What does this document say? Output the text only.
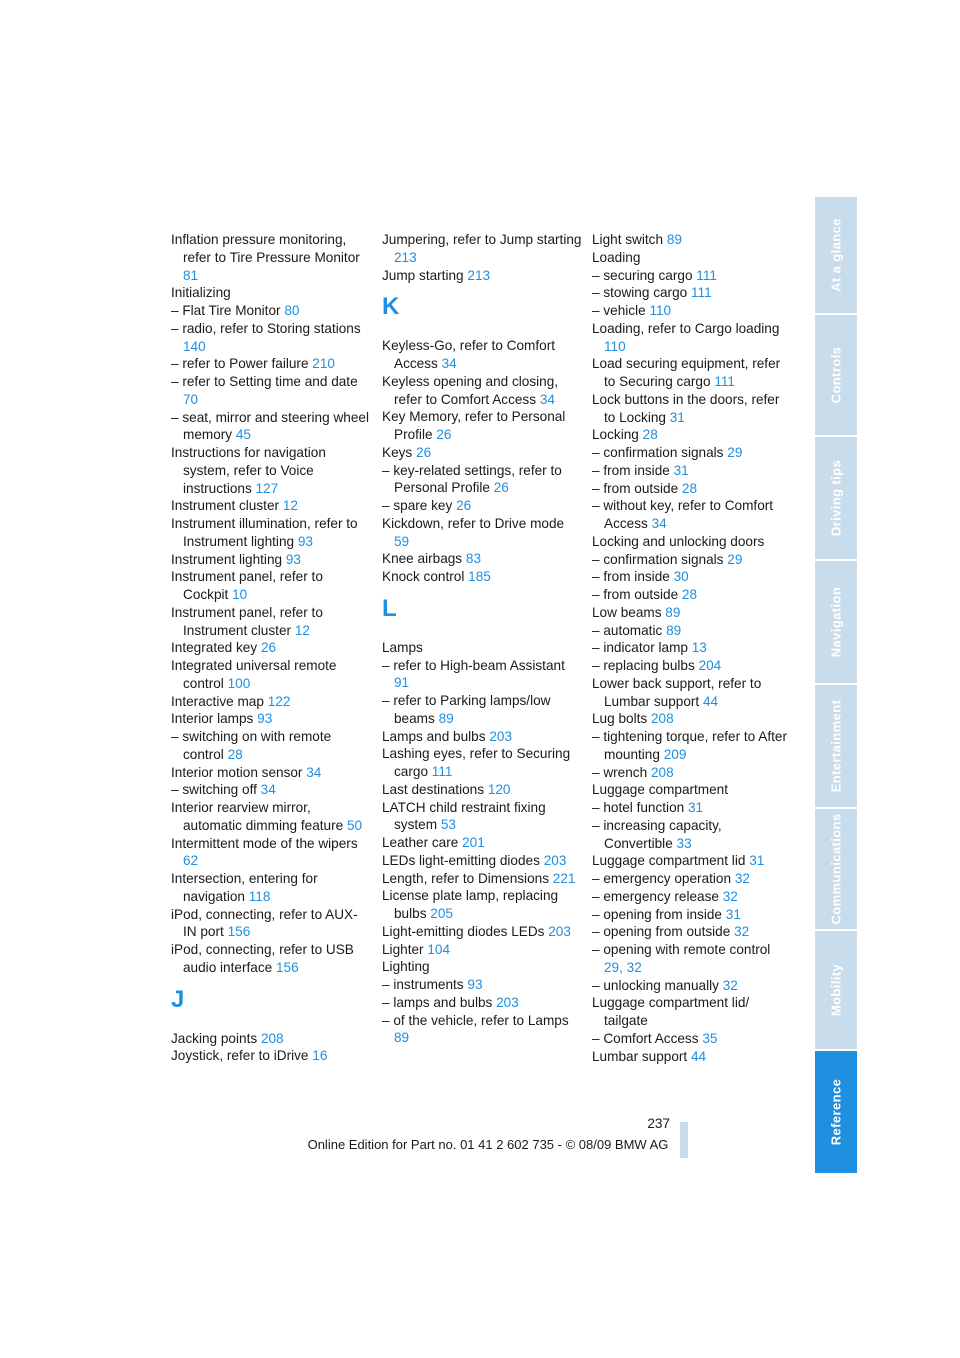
Inflation pressure monitoring, refer to Tire Pressure Monitor 81
Initializing
– Flat Tire Monitor 80
– radio, refer to Storing stations 140
– refer to Power failure 210
– refer to Setting time and date 70
– seat, mirror and steering wheel memory 45
Instructions for navigation system, refer to Voice instructions 127
Instrument cluster 12
Instrument illumination, refer to Instrument lighting 93
Instrument lighting 93
Instrument panel, refer to Cockpit 10
Instrument panel, refer to Instrument cluster 12
Integrated key 26
Integrated universal remote control 100
Interactive map 122
Interior lamps 93
– switching on with remote control 28
Interior motion sensor 34
– switching off 34
Interior rearview mirror, automatic dimming feature 50
Intermittent mode of the wipers 62
Intersection, entering for navigation 118
iPod, connecting, refer to AUX-IN port 156
iPod, connecting, refer to USB audio interface 156
J
Jacking points 208
Joystick, refer to iDrive 16
Jumpering, refer to Jump starting 213
Jump starting 213
K
Keyless-Go, refer to Comfort Access 34
Keyless opening and closing, refer to Comfort Access 34
Key Memory, refer to Personal Profile 26
Keys 26
– key-related settings, refer to Personal Profile 26
– spare key 26
Kickdown, refer to Drive mode 59
Knee airbags 83
Knock control 185
L
Lamps
– refer to High-beam Assistant 91
– refer to Parking lamps/low beams 89
Lamps and bulbs 203
Lashing eyes, refer to Securing cargo 111
Last destinations 120
LATCH child restraint fixing system 53
Leather care 201
LEDs light-emitting diodes 203
Length, refer to Dimensions 221
License plate lamp, replacing bulbs 205
Light-emitting diodes LEDs 203
Lighter 104
Lighting
– instruments 93
– lamps and bulbs 203
– of the vehicle, refer to Lamps 89
Light switch 89
Loading
– securing cargo 111
– stowing cargo 111
– vehicle 110
Loading, refer to Cargo loading 110
Load securing equipment, refer to Securing cargo 111
Lock buttons in the doors, refer to Locking 31
Locking 28
– confirmation signals 29
– from inside 31
– from outside 28
– without key, refer to Comfort Access 34
Locking and unlocking doors
– confirmation signals 29
– from inside 30
– from outside 28
Low beams 89
– automatic 89
– indicator lamp 13
– replacing bulbs 204
Lower back support, refer to Lumbar support 44
Lug bolts 208
– tightening torque, refer to After mounting 209
– wrench 208
Luggage compartment
– hotel function 31
– increasing capacity, Convertible 33
Luggage compartment lid 31
– emergency operation 32
– emergency release 32
– opening from inside 31
– opening from outside 32
– opening with remote control 29, 32
– unlocking manually 32
Luggage compartment lid/ tailgate
– Comfort Access 35
Lumbar support 44
At a glance
Controls
Driving tips
Navigation
Entertainment
Communications
Mobility
Reference
237
Online Edition for Part no. 01 41 2 602 735 - © 08/09 BMW AG
